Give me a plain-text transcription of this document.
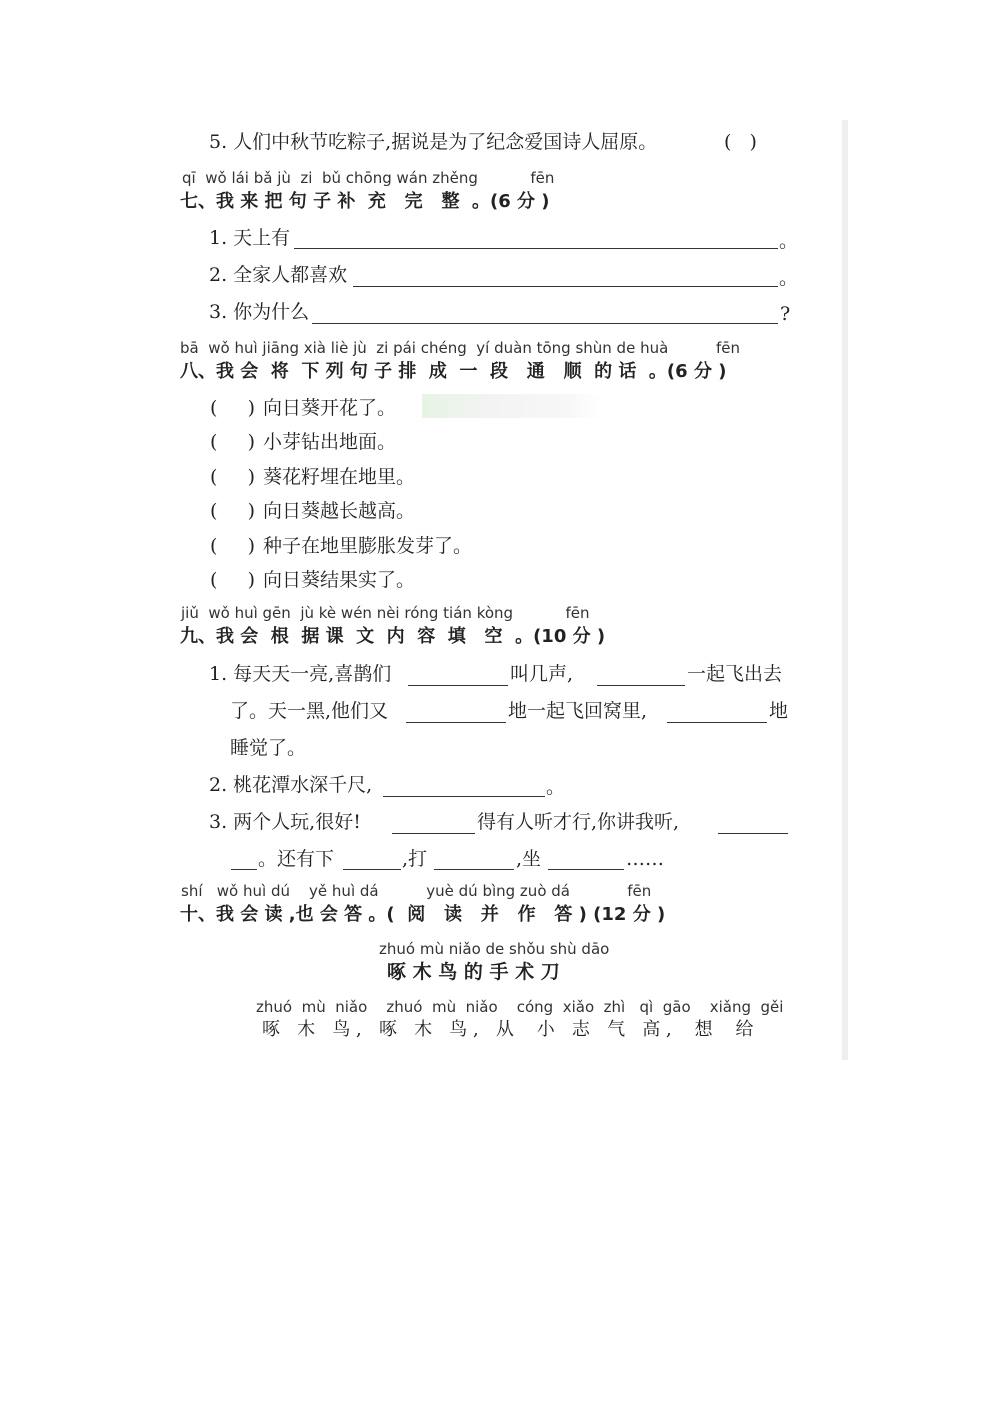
5. 人们中秋节吃粽子,据说是为了纪念爱国诗人屈原。	(   )
qī  wǒ lái bǎ jù  zi  bǔ chōng wán zhěng           fēn
七、我 来 把 句 子 补  充   完   整  。(6 分 )
1. 天上有	。
2. 全家人都喜欢	。
3. 你为什么	?
bā  wǒ huì jiāng xià liè jù  zi pái chéng  yí duàn tōng shùn de huà          fēn
八、我 会  将  下 列 句 子 排  成  一  段   通   顺  的 话  。(6 分 )
(     ) 向日葵开花了。
(     ) 小芽钻出地面。
(     ) 葵花籽埋在地里。
(     ) 向日葵越长越高。
(     ) 种子在地里膨胀发芽了。
(     ) 向日葵结果实了。
jiǔ  wǒ huì gēn  jù kè wén nèi róng tián kòng           fēn
九、我 会  根  据 课  文  内  容  填   空  。(10 分 )
1. 每天天一亮,喜鹊们	叫几声,	一起飞出去
了。天一黑,他们又	地一起飞回窝里,	地
睡觉了。
2. 桃花潭水深千尺,	。
3. 两个人玩,很好!	得有人听才行,你讲我听,
。还有下	,打	,坐	……
shí   wǒ huì dú    yě huì dá          yuè dú bìng zuò dá            fēn
十、我 会 读 ,也 会 答 。(  阅   读   并   作   答 ) (12 分 )
zhuó mù niǎo de shǒu shù dāo
啄 木 鸟 的 手 术 刀
zhuó  mù  niǎo    zhuó  mù  niǎo    cóng  xiǎo  zhì   qì  gāo    xiǎng  gěi
啄   木   鸟 ,   啄   木   鸟 ,   从    小   志   气   高 ,    想    给
